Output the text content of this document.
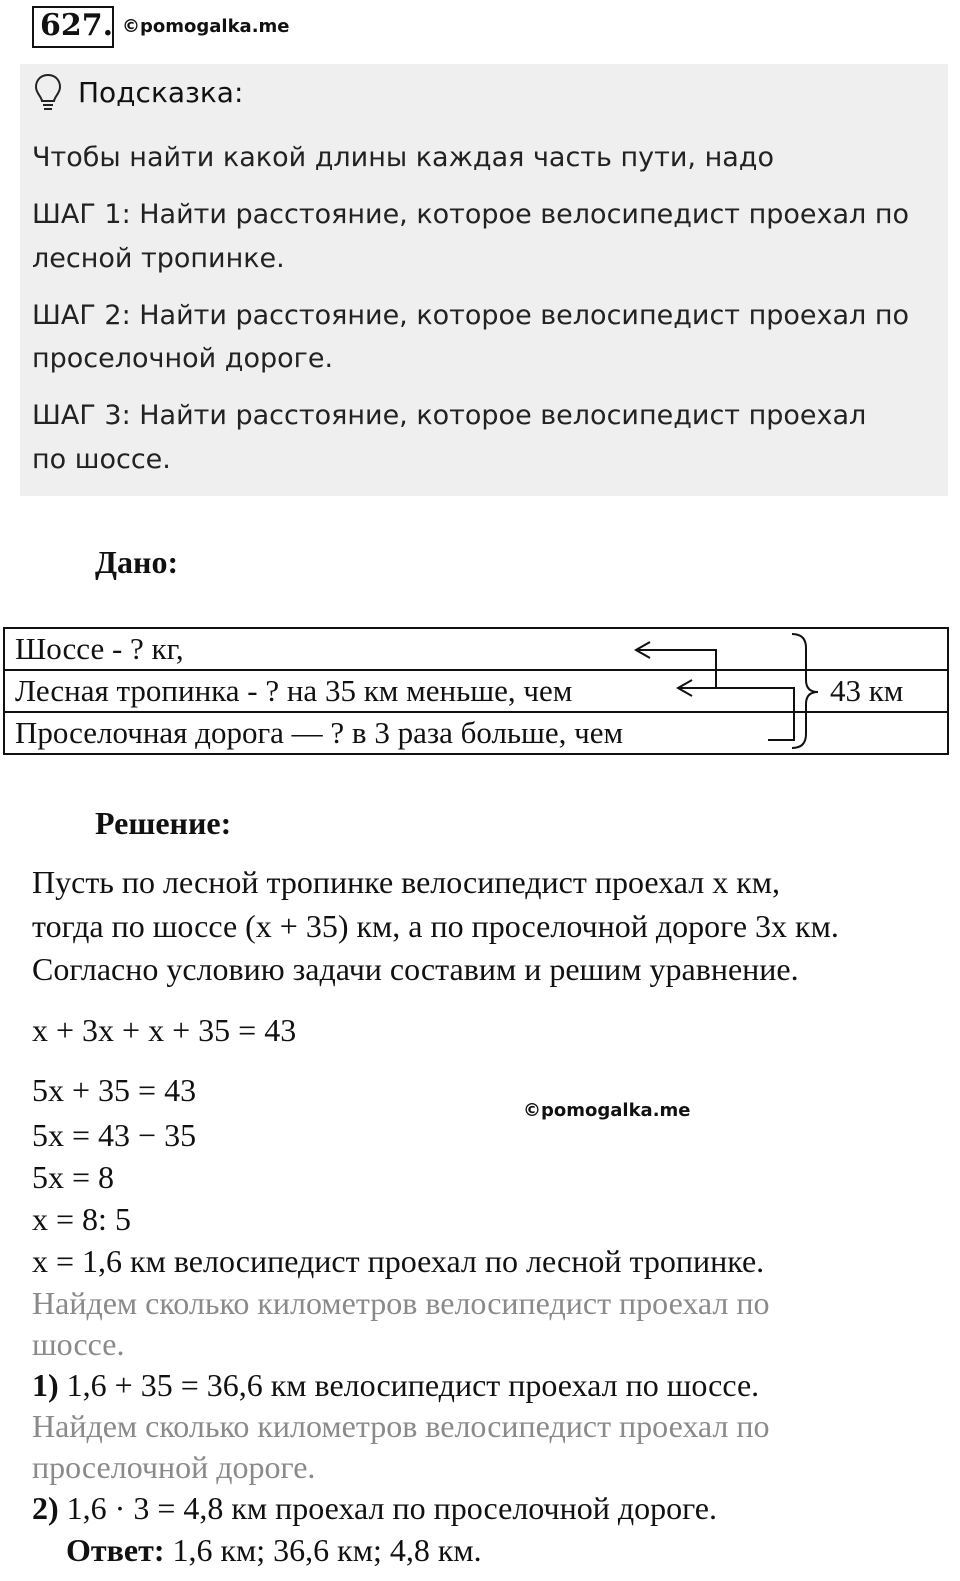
627. ©pomogalka.me
Подсказка:
Чтобы найти какой длины каждая часть пути, надо
ШАГ 1: Найти расстояние, которое велосипедист проехал по
лесной тропинке.
ШАГ 2: Найти расстояние, которое велосипедист проехал по
проселочной дороге.
ШАГ 3: Найти расстояние, которое велосипедист проехал
по шоссе.
Дано:
Шоссе - ? кг,
Лесная тропинка - ? на 35 км меньше, чем
Проселочная дорога — ? в 3 раза больше, чем
43 км
Решение:
Пусть по лесной тропинке велосипедист проехал x км,
тогда по шоссе (x + 35) км, а по проселочной дороге 3x км.
Согласно условию задачи составим и решим уравнение.
x + 3x + x + 35 = 43
5x + 35 = 43
©pomogalka.me
5x = 43 − 35
5x = 8
x = 8: 5
x = 1,6 км велосипедист проехал по лесной тропинке.
Найдем сколько километров велосипедист проехал по
шоссе.
1) 1,6 + 35 = 36,6 км велосипедист проехал по шоссе.
Найдем сколько километров велосипедист проехал по
проселочной дороге.
2) 1,6 · 3 = 4,8 км проехал по проселочной дороге.
Ответ: 1,6 км; 36,6 км; 4,8 км.
